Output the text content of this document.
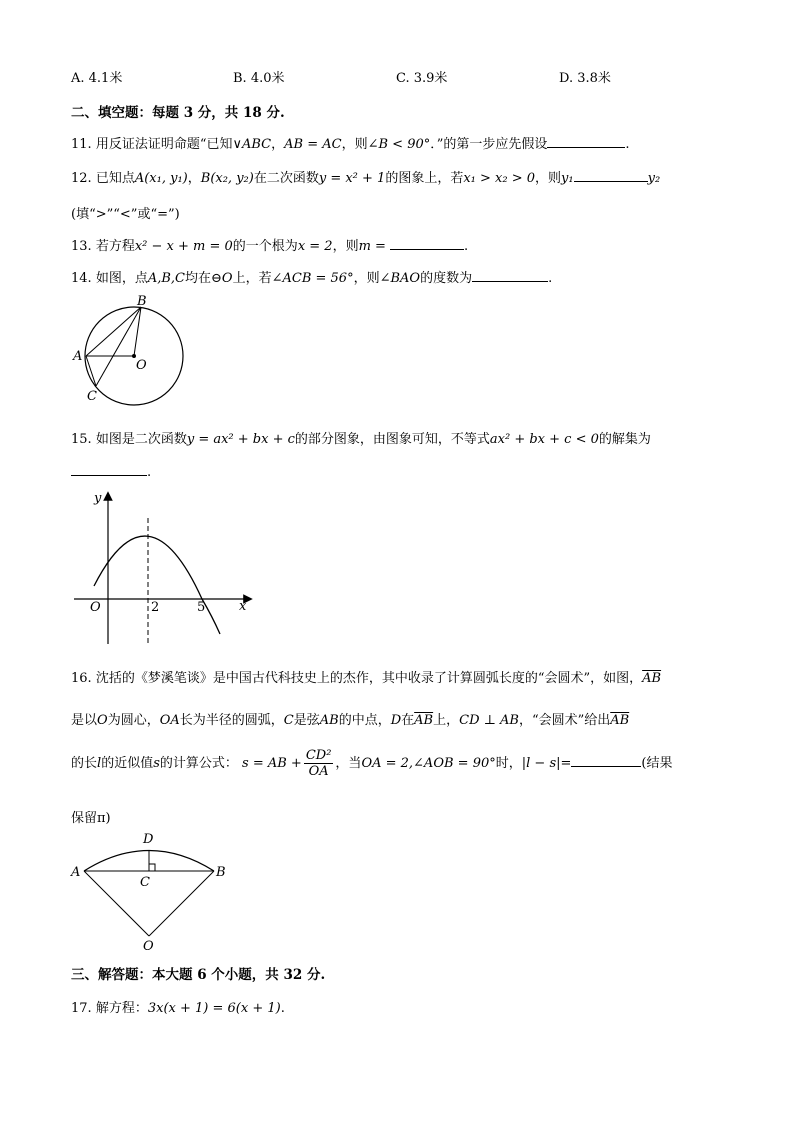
A. 4.1米	B. 4.0米	C. 3.9米	D. 3.8米
二、填空题：每题 3 分，共 18 分.
11. 用反证法证明命题“已知∨ABC，AB = AC，则∠B < 90°．”的第一步应先假设	.
12. 已知点A(x₁, y₁)，B(x₂, y₂)在二次函数y = x² + 1的图象上，若x₁ > x₂ > 0，则y₁	y₂
(填“>”“<”或“=”)
13. 若方程x² − x + m = 0的一个根为x = 2，则m =	.
14. 如图，点A,B,C均在⊖O上，若∠ACB = 56°，则∠BAO的度数为	.
B
A
O
C
15. 如图是二次函数y = ax² + bx + c的部分图象，由图象可知，不等式ax² + bx + c < 0的解集为
.
y
x
O	2	5
16. 沈括的《梦溪笔谈》是中国古代科技史上的杰作，其中收录了计算圆弧长度的“会圆术”，如图，$\overline{AB}$
是以O为圆心，OA长为半径的圆弧，C是弦AB的中点，D在$\overline{AB}$上，CD ⊥ AB，“会圆术”给出$\overline{AB}$
的长l的近似值s的计算公式： s = AB + $\frac{\text{CD²}}{OA}$ ，当OA = 2,∠AOB = 90°时，|l − s|=	(结果
保留π)
D
A	B
C
O
三、解答题：本大题 6 个小题，共 32 分.
17. 解方程：3x(x + 1) = 6(x + 1).
